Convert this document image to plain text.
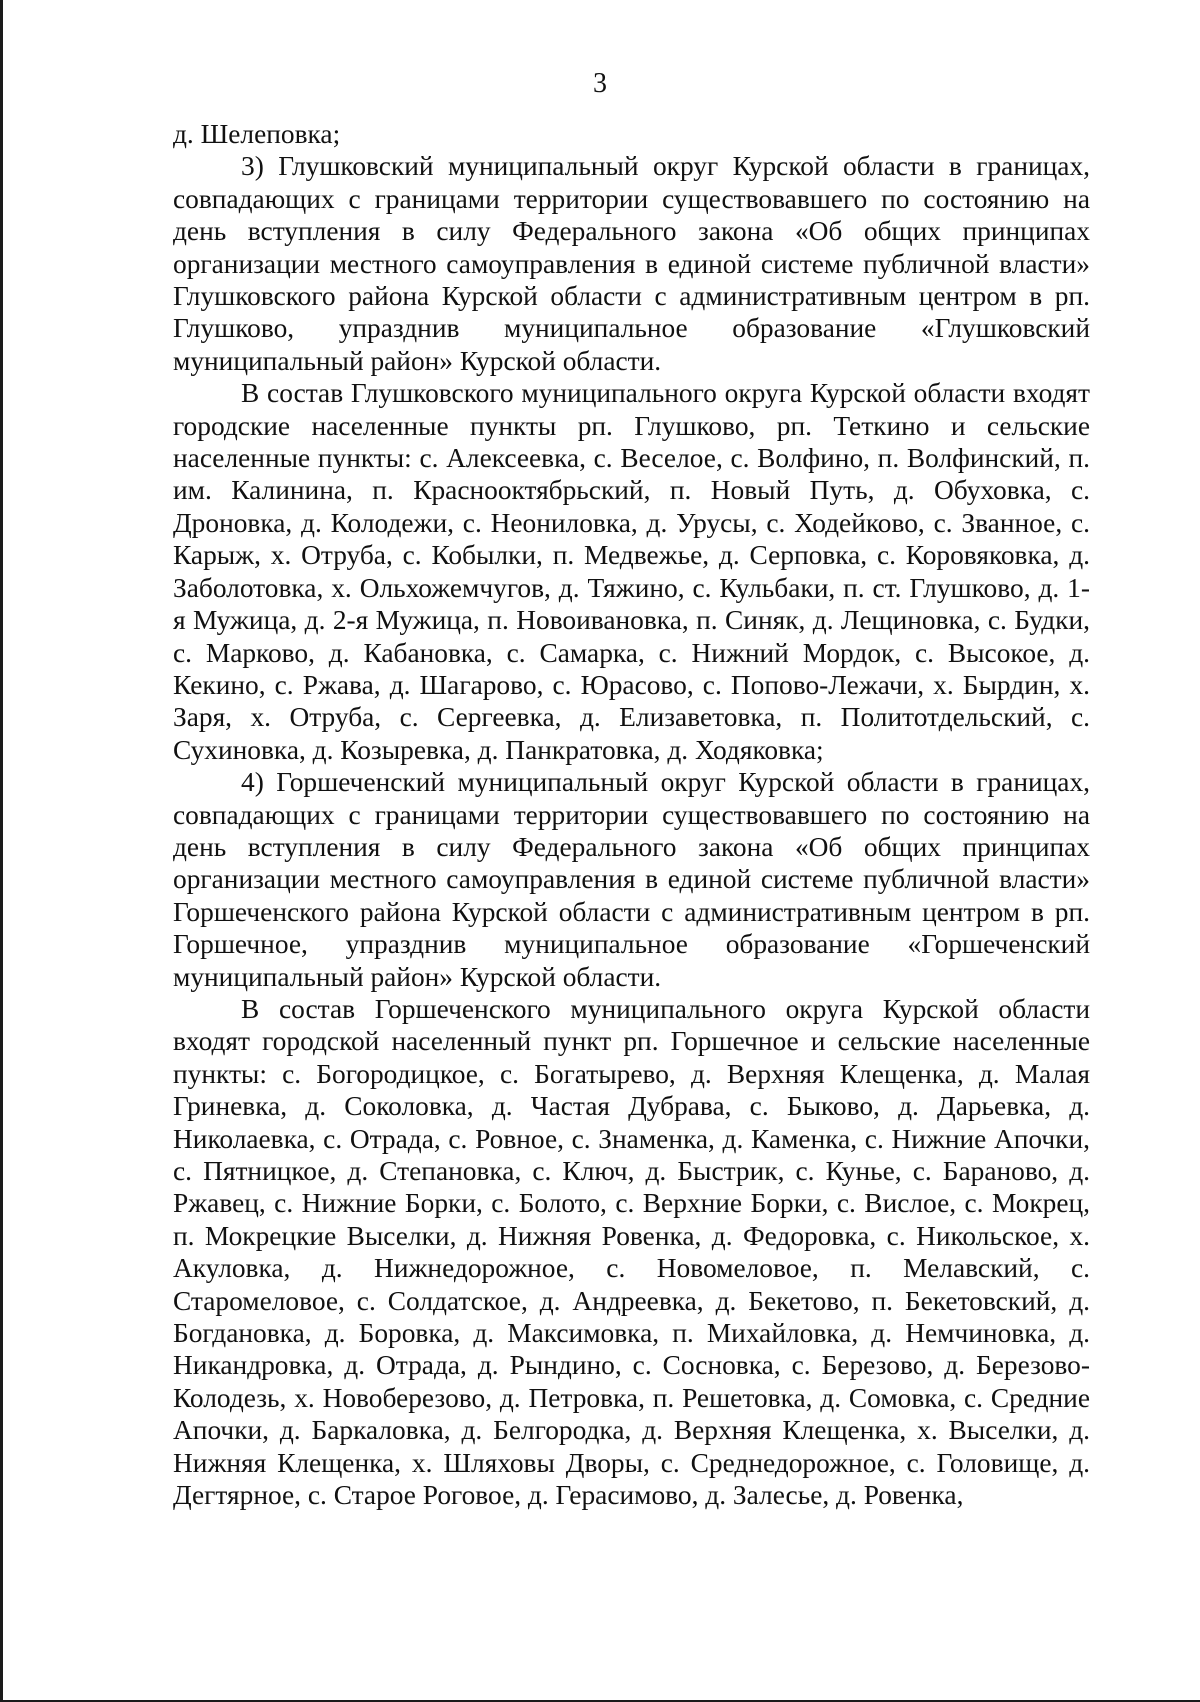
3

д. Шелеповка;

3) Глушковский муниципальный округ Курской области в границах, совпадающих с границами территории существовавшего по состоянию на день вступления в силу Федерального закона «Об общих принципах организации местного самоуправления в единой системе публичной власти» Глушковского района Курской области с административным центром в рп. Глушково, упразднив муниципальное образование «Глушковский муниципальный район» Курской области.

В состав Глушковского муниципального округа Курской области входят городские населенные пункты рп. Глушково, рп. Теткино и сельские населенные пункты: с. Алексеевка, с. Веселое, с. Волфино, п. Волфинский, п. им. Калинина, п. Краснооктябрьский, п. Новый Путь, д. Обуховка, с. Дроновка, д. Колодежи, с. Неониловка, д. Урусы, с. Ходейково, с. Званное, с. Карыж, х. Отруба, с. Кобылки, п. Медвежье, д. Серповка, с. Коровяковка, д. Заболотовка, х. Ольхожемчугов, д. Тяжино, с. Кульбаки, п. ст. Глушково, д. 1-я Мужица, д. 2-я Мужица, п. Новоивановка, п. Синяк, д. Лещиновка, с. Будки, с. Марково, д. Кабановка, с. Самарка, с. Нижний Мордок, с. Высокое, д. Кекино, с. Ржава, д. Шагарово, с. Юрасово, с. Попово-Лежачи, х. Бырдин, х. Заря, х. Отруба, с. Сергеевка, д. Елизаветовка, п. Политотдельский, с. Сухиновка, д. Козыревка, д. Панкратовка, д. Ходяковка;

4) Горшеченский муниципальный округ Курской области в границах, совпадающих с границами территории существовавшего по состоянию на день вступления в силу Федерального закона «Об общих принципах организации местного самоуправления в единой системе публичной власти» Горшеченского района Курской области с административным центром в рп. Горшечное, упразднив муниципальное образование «Горшеченский муниципальный район» Курской области.

В состав Горшеченского муниципального округа Курской области входят городской населенный пункт рп. Горшечное и сельские населенные пункты: с. Богородицкое, с. Богатырево, д. Верхняя Клещенка, д. Малая Гриневка, д. Соколовка, д. Частая Дубрава, с. Быково, д. Дарьевка, д. Николаевка, с. Отрада, с. Ровное, с. Знаменка, д. Каменка, с. Нижние Апочки, с. Пятницкое, д. Степановка, с. Ключ, д. Быстрик, с. Кунье, с. Бараново, д. Ржавец, с. Нижние Борки, с. Болото, с. Верхние Борки, с. Вислое, с. Мокрец, п. Мокрецкие Выселки, д. Нижняя Ровенка, д. Федоровка, с. Никольское, х. Акуловка, д. Нижнедорожное, с. Новомеловое, п. Мелавский, с. Старомеловое, с. Солдатское, д. Андреевка, д. Бекетово, п. Бекетовский, д. Богдановка, д. Боровка, д. Максимовка, п. Михайловка, д. Немчиновка, д. Никандровка, д. Отрада, д. Рындино, с. Сосновка, с. Березово, д. Березово-Колодезь, х. Новоберезово, д. Петровка, п. Решетовка, д. Сомовка, с. Средние Апочки, д. Баркаловка, д. Белгородка, д. Верхняя Клещенка, х. Выселки, д. Нижняя Клещенка, х. Шляховы Дворы, с. Среднедорожное, с. Головище, д. Дегтярное, с. Старое Роговое, д. Герасимово, д. Залесье, д. Ровенка,
